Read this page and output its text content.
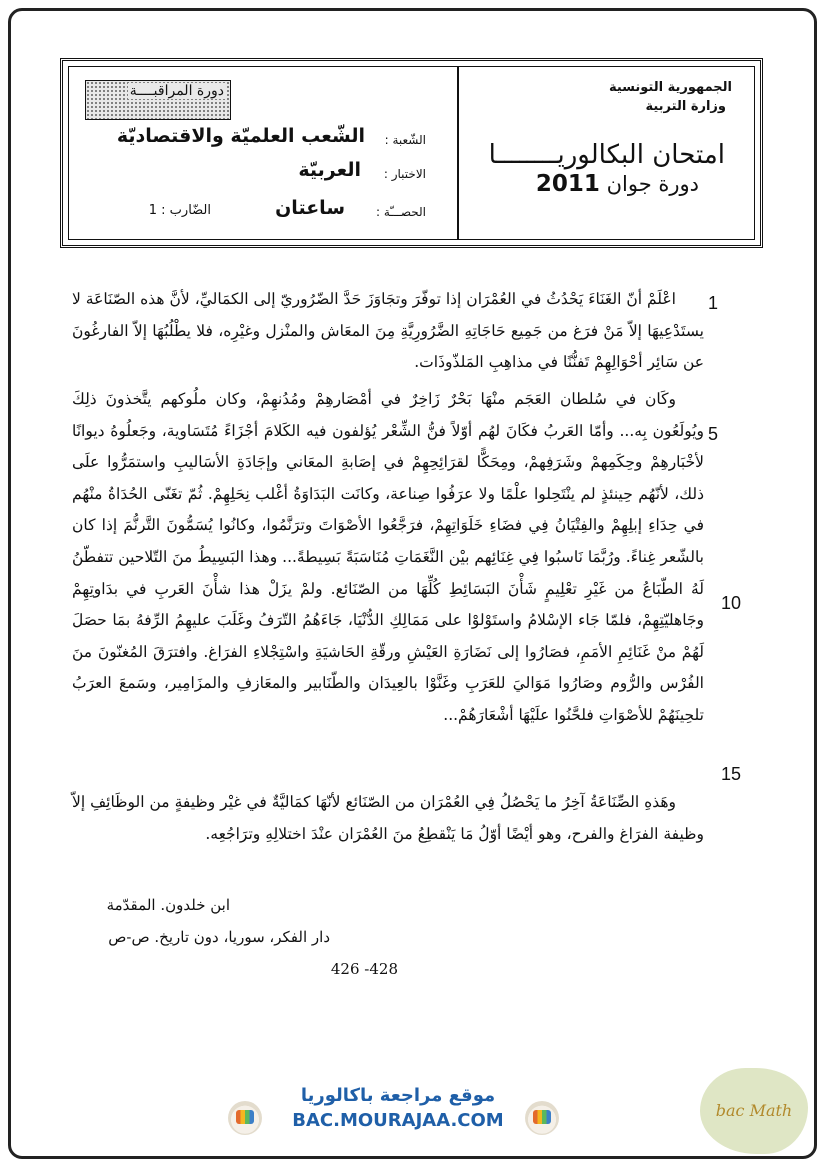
الجمهورية التونسية
وزارة التربية
امتحان البكالوريــــــــا
دورة جوان 2011
دورة المراقبــــة
الشّعبة :
الشّعب العلميّة والاقتصاديّة
الاختبار :
العربيّة
الحصـــّة :
ساعتان
الضّارب : 1
1
5
10
15
اعْلَمْ أنّ الغَنَاءَ يَحْدُثُ في العُمْرَان إذا توفّرَ وتجَاوَزَ حَدَّ الضّرُوريّ إلى الكمَاليِّ، لأنَّ هذه الصّنَاعَة لا يستَدْعِيهَا إلاّ مَنْ فرَغ من جَمِيع حَاجَاتِهِ الضَّرُورِيَّةِ مِنَ المعَاش والمنْزل وغيْرِه، فلا يطْلُبُهَا إلاّ الفارغُونَ عن سَائِر أحْوَالِهِمْ تَفنُّنًا في مذاهِبِ المَلذّوذَات.
وكَان في سُلطان العَجَم منْهَا بَحْرٌ زَاخِرٌ في أمْصَارهِمْ ومُدُنهِمْ، وكان ملُوكهم يتَّخذونَ ذلِكَ ويُولَعُون بِه... وأمّا العَربُ فكَانَ لهُم أوّلاً فنُّ الشِّعْر يُؤلفون فيه الكَلامَ أجْزَاءً مُتَسَاوية، وجَعلُوهُ ديوانًا لأخْبَارهِمْ وحِكَمِهمْ وشَرَفِهمْ، ومِحَكًّا لقرَائِحِهِمْ في إصَابةِ المعَاني وإجَادَةِ الأسَاليبِ واستمَرُّوا علَى ذلك، لأنّهُم حِينئذٍ لم ينْتَحِلوا علْمًا ولا عرَفُوا صِناعة، وكانَت البَدَاوَةُ أغْلب نِحَلِهِمْ. ثُمّ تغَنّى الحُدَاةُ منْهُم في حِدَاءِ إبلِهِمْ والفِتْيَانُ فِي فضَاءِ خَلَوَاتِهِمْ، فرَجَّعُوا الأصْوَاتَ وترَنَّمُوا، وكانُوا يُسَمُّونَ التَّرنُّمَ إذا كان بالشّعر غِناءً. ورُبَّمَا نَاسبُوا فِي غِنَائِهم بيْن النَّغَمَاتِ مُنَاسَبَةً بَسِيطةً... وهذا البَسِيطُ منَ التّلاحين تتفطّنُ لَهُ الطّبَاعُ من غَيْرِ تعْلِيمٍ شَأْنَ البَسَائِطِ كُلِّهَا من الصّنَائع. ولمْ يزَلْ هذا شأْنَ العَربِ في بدَاوتِهِمْ وجَاهليّتِهِمْ، فلمّا جَاء الإسْلامُ واستَوْلوْا على مَمَالِكِ الدُّنْيَا، جَاءَهُمُ التّرَفُ وغَلَبَ عليهِمُ الرِّفهُ بمَا حصَلَ لَهُمْ منْ غَنَائِمِ الأمَمِ، فصَارُوا إلى نَضَارَةِ العَيْشِ ورقّةِ الحَاشيَةِ واسْتِجْلاءِ الفرَاغ. وافترَقَ المُغنّونَ منَ الفُرْس والرُّوم وصَارُوا مَوَاليَ للعَرَبِ وغَنَّوْا بالعِيدَان والطّنَابير والمعَازفِ والمزَامِير، وسَمعَ العرَبُ تلحِينَهُمْ للأصْوَاتِ فلحَّنُوا علَيْهَا أشْعَارَهُمْ...
وهَذهِ الصِّنَاعَةُ آخِرُ ما يَحْصُلُ فِي العُمْرَان من الصّنَائع لأنّهَا كمَاليَّةٌ في غيْر وظيفةٍ من الوظَائِفِ إلاّ وظيفة الفرَاغ والفرح، وهو أيْضًا أوّلُ مَا يَنْقطِعُ منَ العُمْرَان عنْدَ اختلالِهِ وترَاجُعِه.
ابن خلدون. المقدّمة
دار الفكر، سوريا، دون تاريخ. ص-ص
426 -428
موقع مراجعة باكالوريا
BAC.MOURAJAA.COM	bac Math
